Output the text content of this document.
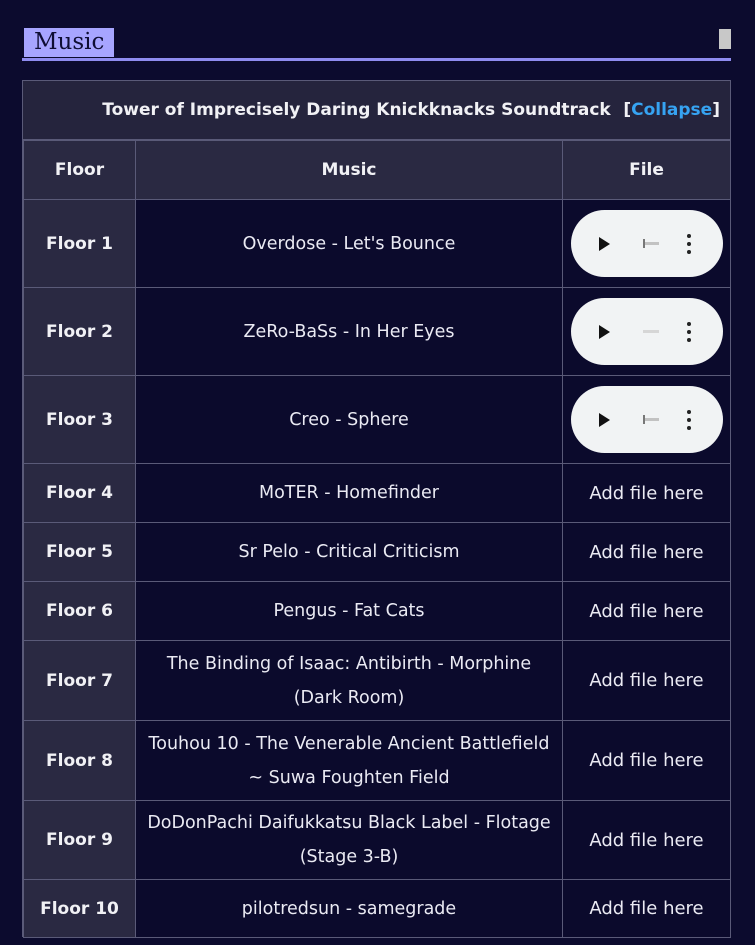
Music
Tower of Imprecisely Daring Knickknacks Soundtrack [Collapse]
Floor	Music	File
Floor 1	Overdose - Let's Bounce	

Floor 2	ZeRo-BaSs - In Her Eyes	

Floor 3	Creo - Sphere	

Floor 4	MoTER - Homefinder	Add file here
Floor 5	Sr Pelo - Critical Criticism	Add file here
Floor 6	Pengus - Fat Cats	Add file here
Floor 7	The Binding of Isaac: Antibirth - Morphine (Dark Room)	Add file here
Floor 8	Touhou 10 - The Venerable Ancient Battlefield ~ Suwa Foughten Field	Add file here
Floor 9	DoDonPachi Daifukkatsu Black Label - Flotage (Stage 3-B)	Add file here
Floor 10	pilotredsun - samegrade	Add file here
